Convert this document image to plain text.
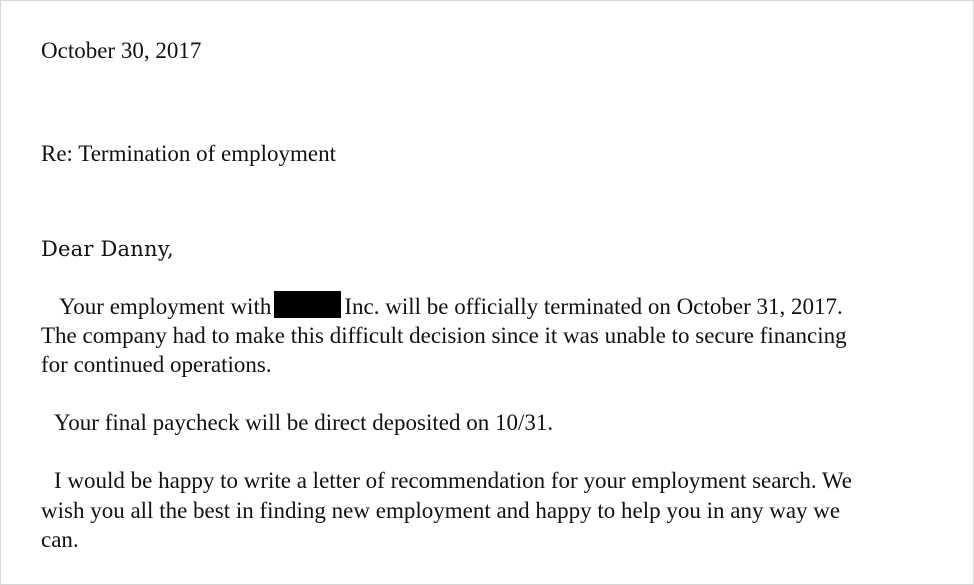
October 30, 2017
Re: Termination of employment
Dear Danny,
Your employment with	Inc. will be officially terminated on October 31, 2017.
The company had to make this difficult decision since it was unable to secure financing
for continued operations.
Your final paycheck will be direct deposited on 10/31.
I would be happy to write a letter of recommendation for your employment search. We
wish you all the best in finding new employment and happy to help you in any way we
can.
